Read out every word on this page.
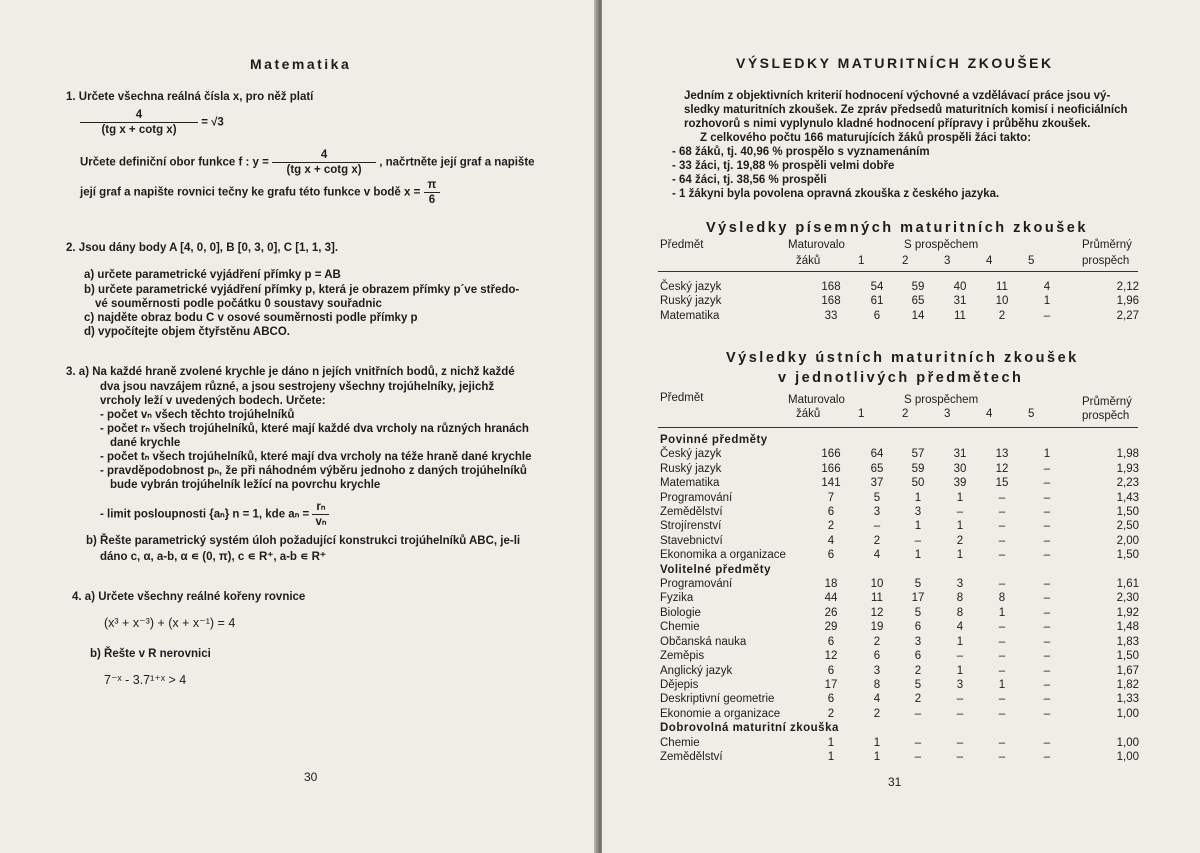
Matematika
1. Určete všechna reálná čísla x, pro něž platí
$\frac{4}{\text{(tg x + cotg x)}} = √3$
Určete definiční obor funkce f : $y = \frac{4}{\text{(tg x + cotg x)}}$ , načrtněte její graf a napište
její graf a napište rovnici tečny ke grafu této funkce v bodě $x = \frac{\pi}{6}$
2. Jsou dány body A [4, 0, 0], B [0, 3, 0], C [1, 1, 3].
a) určete parametrické vyjádření přímky p = AB
b) určete parametrické vyjádření přímky p, která je obrazem přímky p´ve středo-
vé souměrnosti podle počátku 0 soustavy souřadnic
c) najděte obraz bodu C v osové souměrnosti podle přímky p
d) vypočítejte objem čtyřstěnu ABCO.
3. a) Na každé hraně zvolené krychle je dáno n jejích vnitřních bodů, z nichž každé
dva jsou navzájem různé, a jsou sestrojeny všechny trojúhelníky, jejichž
vrcholy leží v uvedených bodech. Určete:
- počet vₙ všech těchto trojúhelníků
- počet rₙ všech trojúhelníků, které mají každé dva vrcholy na různých hranách
dané krychle
- počet tₙ všech trojúhelníků, které mají dva vrcholy na téže hraně dané krychle
- pravděpodobnost pₙ, že při náhodném výběru jednoho z daných trojúhelníků
bude vybrán trojúhelník ležící na povrchu krychle
- limit posloupnosti {aₙ} n = 1, kde $a_n = \frac{\text{rₙ}}{\text{vₙ}}$
b) Řešte parametrický systém úloh požadující konstrukci trojúhelníků ABC, je-li
dáno c, α, a-b, α ∊ (0, π), c ∊ R⁺, a-b ∊ R⁺
4. a) Určete všechny reálné kořeny rovnice
(x³ + x⁻³) + (x + x⁻¹) = 4
b) Řešte v R nerovnici
7⁻ˣ - 3.7¹⁺ˣ > 4
30
VÝSLEDKY MATURITNÍCH ZKOUŠEK
Jedním z objektivních kriterií hodnocení výchovné a vzdělávací práce jsou vý-
sledky maturitních zkoušek. Ze zpráv předsedů maturitních komisí i neoficiálních
rozhovorů s nimi vyplynulo kladné hodnocení přípravy i průběhu zkoušek.
Z celkového počtu 166 maturujících žáků prospěli žáci takto:
- 68 žáků, tj. 40,96 % prospělo s vyznamenáním
- 33 žáci, tj. 19,88 % prospěli velmi dobře
- 64 žáci, tj. 38,56 % prospěli
- 1 žákyni byla povolena opravná zkouška z českého jazyka.
Výsledky písemných maturitních zkoušek
Předmět	Maturovalo
žáků
S prospěchem
1	2	3	4	5
Průměrný
prospěch
Český jazyk	168	54	59	40	11	4	2,12
Ruský jazyk	168	61	65	31	10	1	1,96
Matematika	33	6	14	11	2	–	2,27
Výsledky ústních maturitních zkoušek
v jednotlivých předmětech
Předmět	Maturovalo
žáků
S prospěchem
1	2	3	4	5
Průměrný
prospěch
Povinné předměty							
Český jazyk	166	64	57	31	13	1	1,98
Ruský jazyk	166	65	59	30	12	–	1,93
Matematika	141	37	50	39	15	–	2,23
Programování	7	5	1	1	–	–	1,43
Zemědělství	6	3	3	–	–	–	1,50
Strojírenství	2	–	1	1	–	–	2,50
Stavebnictví	4	2	–	2	–	–	2,00
Ekonomika a organizace	6	4	1	1	–	–	1,50
Volitelné předměty							
Programování	18	10	5	3	–	–	1,61
Fyzika	44	11	17	8	8	–	2,30
Biologie	26	12	5	8	1	–	1,92
Chemie	29	19	6	4	–	–	1,48
Občanská nauka	6	2	3	1	–	–	1,83
Zeměpis	12	6	6	–	–	–	1,50
Anglický jazyk	6	3	2	1	–	–	1,67
Dějepis	17	8	5	3	1	–	1,82
Deskriptivní geometrie	6	4	2	–	–	–	1,33
Ekonomie a organizace	2	2	–	–	–	–	1,00
Dobrovolná maturitní zkouška							
Chemie	1	1	–	–	–	–	1,00
Zemědělství	1	1	–	–	–	–	1,00
31
